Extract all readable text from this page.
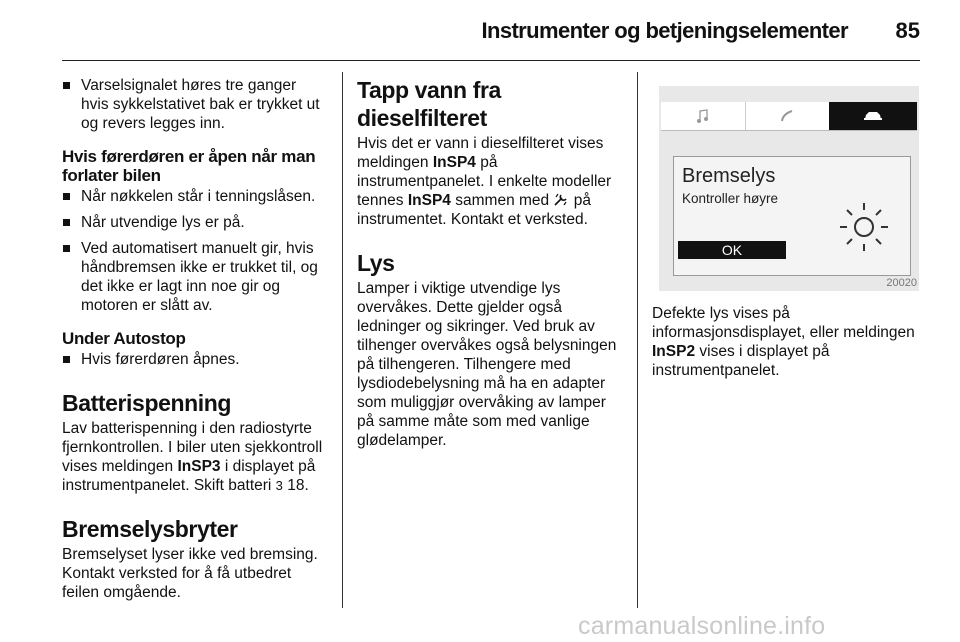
Instrumenter og betjeningselementer 85

Varselsignalet høres tre ganger hvis sykkelstativet bak er trykket ut og revers legges inn.

Hvis førerdøren er åpen når man forlater bilen

Når nøkkelen står i tenningslåsen.

Når utvendige lys er på.

Ved automatisert manuelt gir, hvis håndbremsen ikke er trukket til, og det ikke er lagt inn noe gir og motoren er slått av.

Under Autostop

Hvis førerdøren åpnes.

Batterispenning

Lav batterispenning i den radiostyrte fjernkontrollen. I biler uten sjekkontroll vises meldingen InSP3 i displayet på instrumentpanelet. Skift batteri 3 18.

Bremselysbryter

Bremselyset lyser ikke ved bremsing. Kontakt verksted for å få utbedret feilen omgående.

Tapp vann fra dieselfilteret

Hvis det er vann i dieselfilteret vises meldingen InSP4 på instrumentpanelet. I enkelte modeller tennes InSP4 sammen med på instrumentet. Kontakt et verksted.

Lys

Lamper i viktige utvendige lys overvåkes. Dette gjelder også ledninger og sikringer. Ved bruk av tilhenger overvåkes også belysningen på tilhengeren. Tilhengere med lysdiodebelysning må ha en adapter som muliggjør overvåking av lamper på samme måte som med vanlige glødelamper.

Bremselys
Kontroller høyre
OK
20020

Defekte lys vises på informasjonsdisplayet, eller meldingen InSP2 vises i displayet på instrumentpanelet.

carmanualsonline.info
